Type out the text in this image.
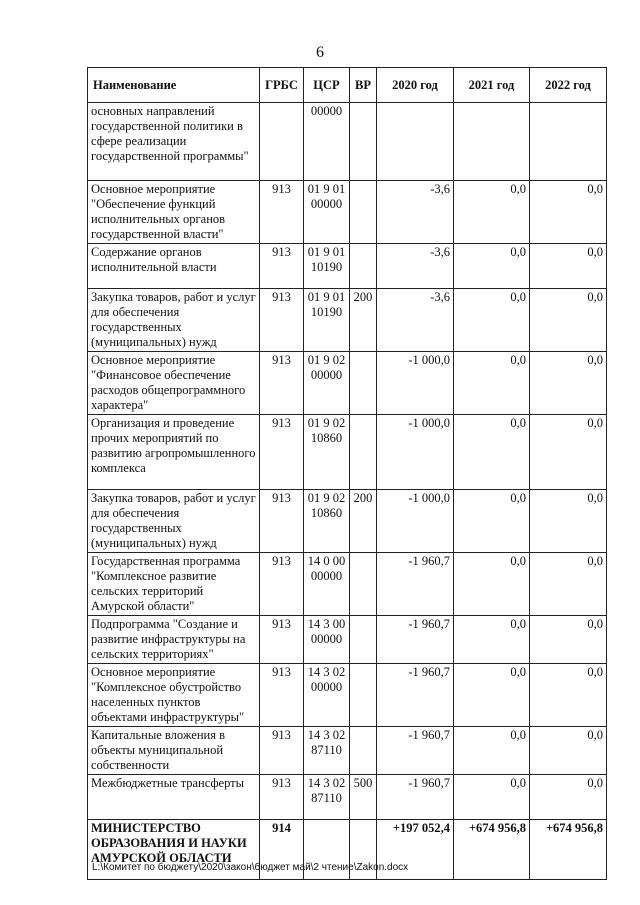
6
Наименование	ГРБС	ЦСР	ВР	2020 год	2021 год	2022 год
основных направлений государственной политики в сфере реализации государственной программы"		00000				
Основное мероприятие "Обеспечение функций исполнительных органов государственной власти"	913	01 9 01 00000		-3,6	0,0	0,0
Содержание органов исполнительной власти	913	01 9 01 10190		-3,6	0,0	0,0
Закупка товаров, работ и услуг для обеспечения государственных (муниципальных) нужд	913	01 9 01 10190	200	-3,6	0,0	0,0
Основное мероприятие "Финансовое обеспечение расходов общепрограммного характера"	913	01 9 02 00000		-1 000,0	0,0	0,0
Организация и проведение прочих мероприятий по развитию агропромышленного комплекса	913	01 9 02 10860		-1 000,0	0,0	0,0
Закупка товаров, работ и услуг для обеспечения государственных (муниципальных) нужд	913	01 9 02 10860	200	-1 000,0	0,0	0,0
Государственная программа "Комплексное развитие сельских территорий Амурской области"	913	14 0 00 00000		-1 960,7	0,0	0,0
Подпрограмма "Создание и развитие инфраструктуры на сельских территориях"	913	14 3 00 00000		-1 960,7	0,0	0,0
Основное мероприятие "Комплексное обустройство населенных пунктов объектами инфраструктуры"	913	14 3 02 00000		-1 960,7	0,0	0,0
Капитальные вложения в объекты муниципальной собственности	913	14 3 02 87110		-1 960,7	0,0	0,0
Межбюджетные трансферты	913	14 3 02 87110	500	-1 960,7	0,0	0,0
МИНИСТЕРСТВО ОБРАЗОВАНИЯ И НАУКИ АМУРСКОЙ ОБЛАСТИ	914			+197 052,4	+674 956,8	+674 956,8
L:\Комитет по бюджету\2020\закон\бюджет май\2 чтение\Zakon.docx
